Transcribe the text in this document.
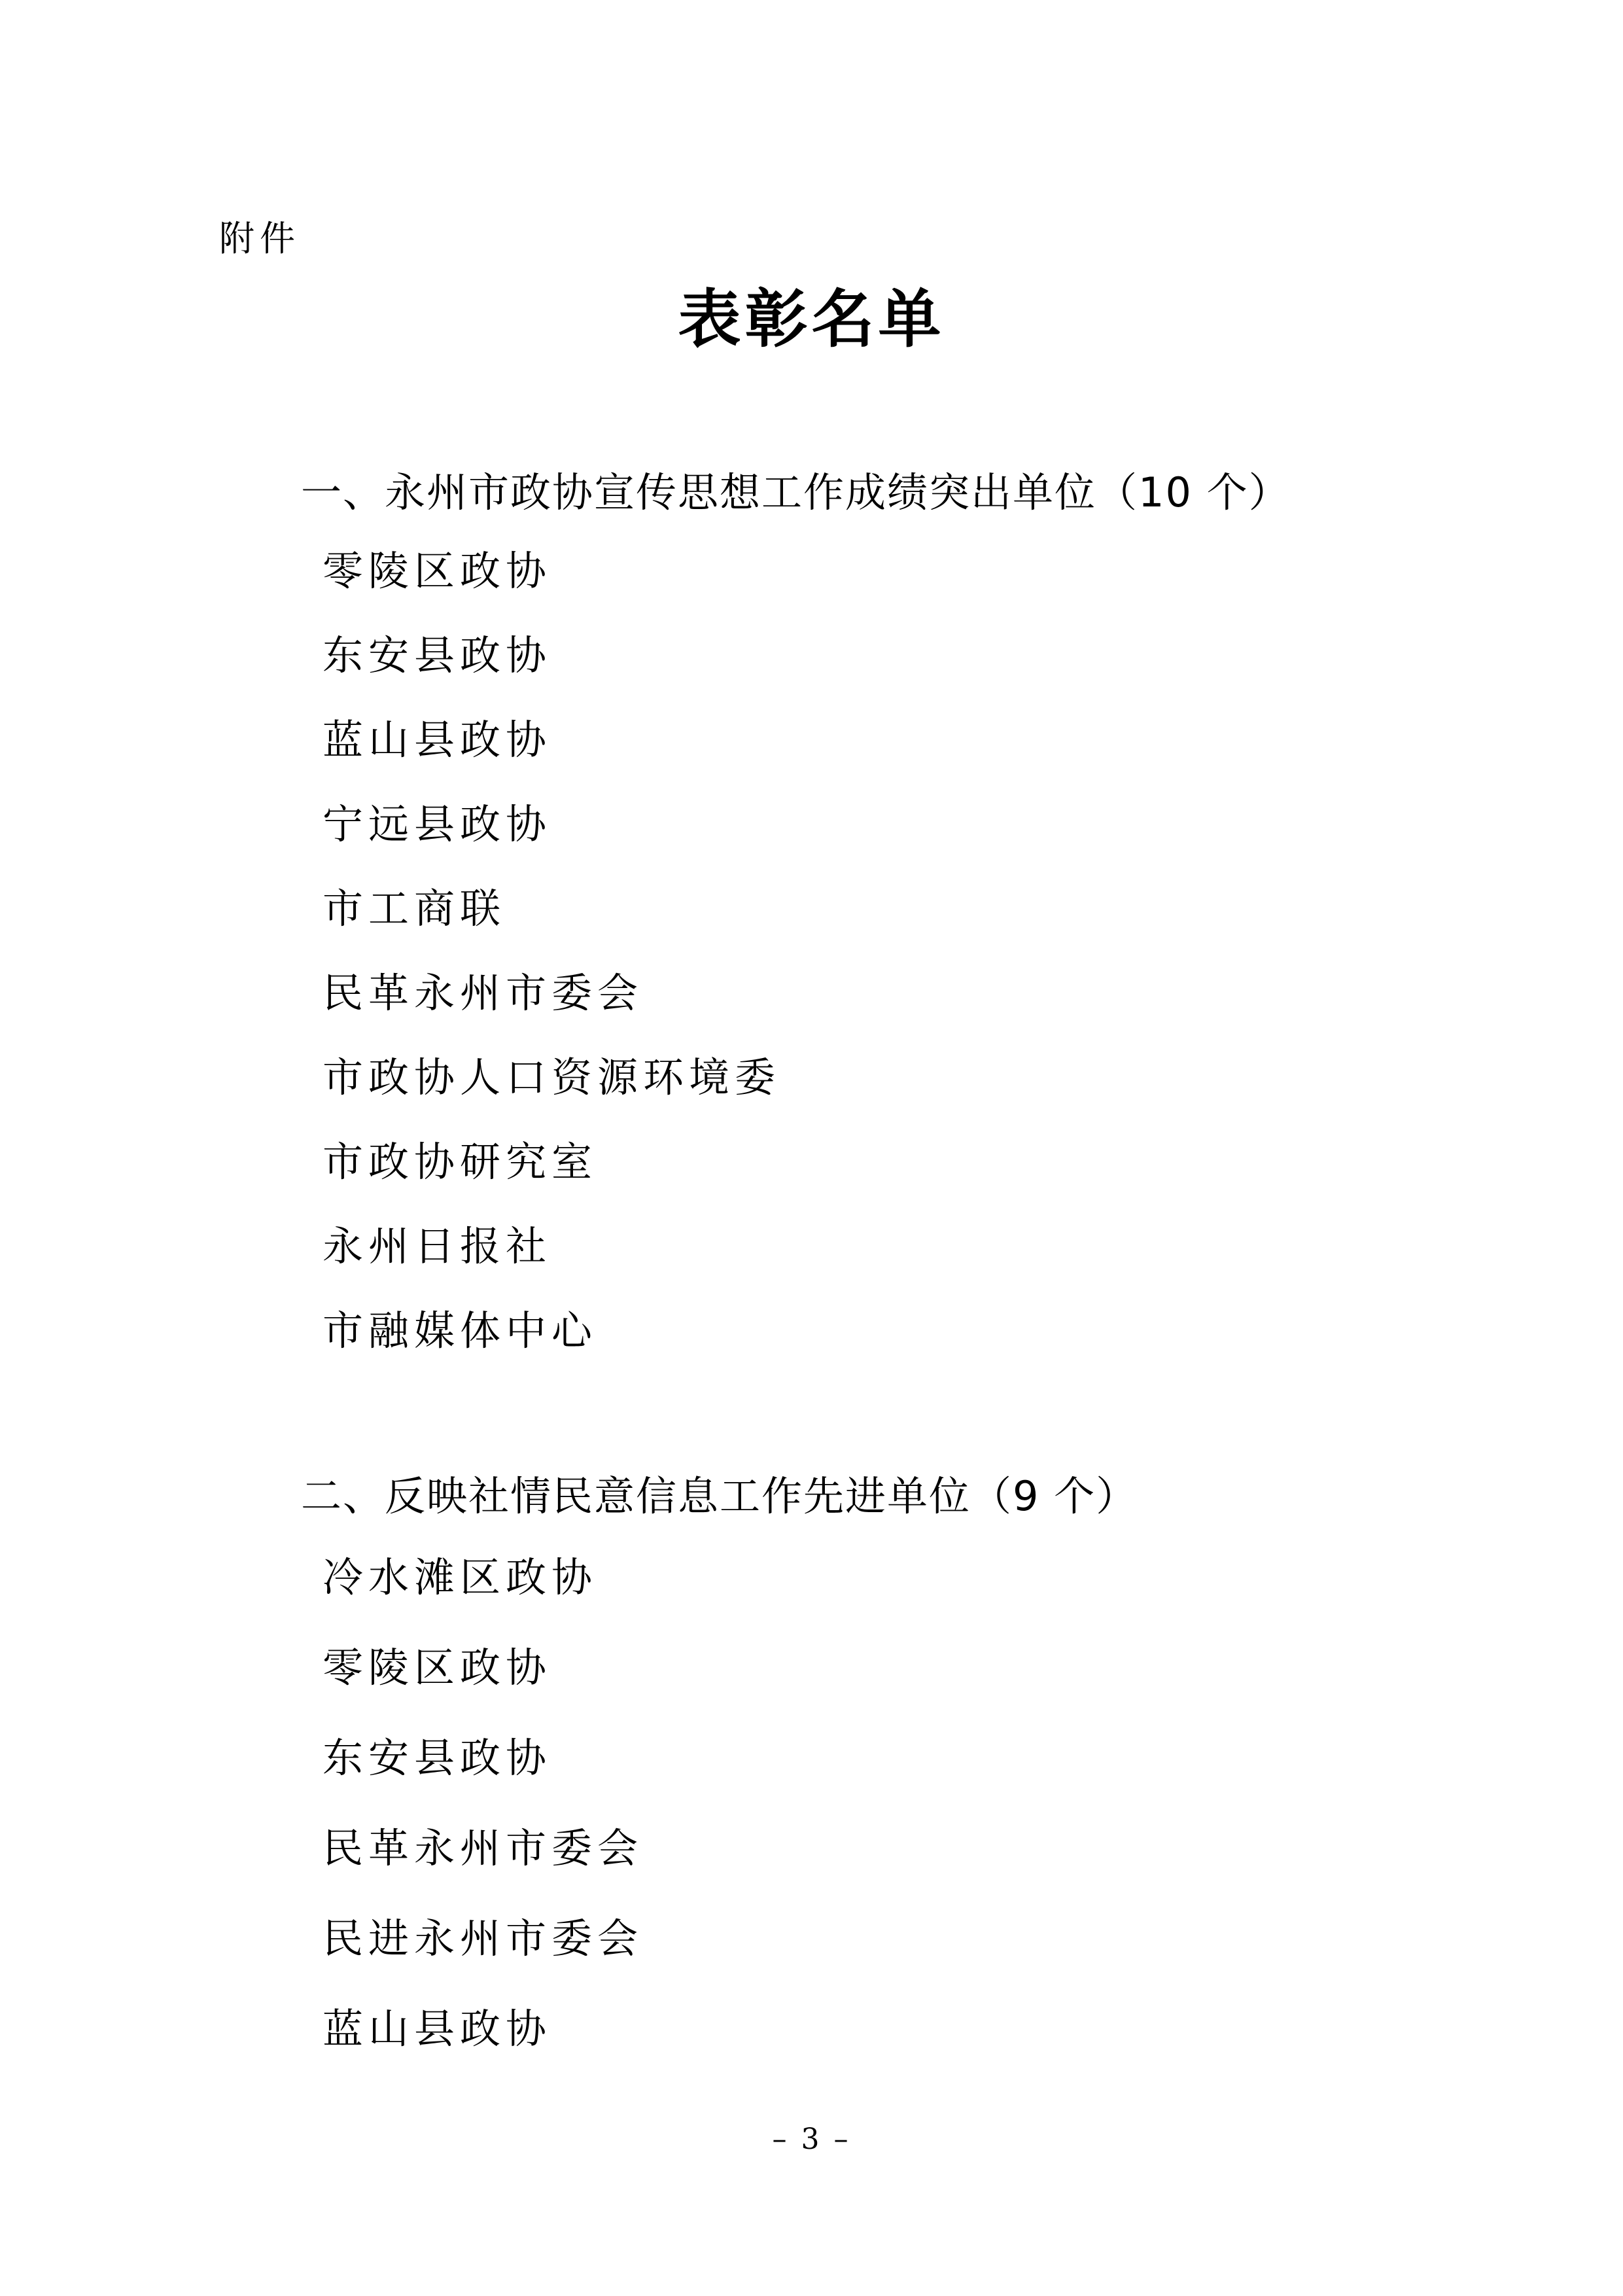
附件
表彰名单
一、永州市政协宣传思想工作成绩突出单位（10 个）
零陵区政协
东安县政协
蓝山县政协
宁远县政协
市工商联
民革永州市委会
市政协人口资源环境委
市政协研究室
永州日报社
市融媒体中心
二、反映社情民意信息工作先进单位（9 个）
冷水滩区政协
零陵区政协
东安县政协
民革永州市委会
民进永州市委会
蓝山县政协
– 3 –
